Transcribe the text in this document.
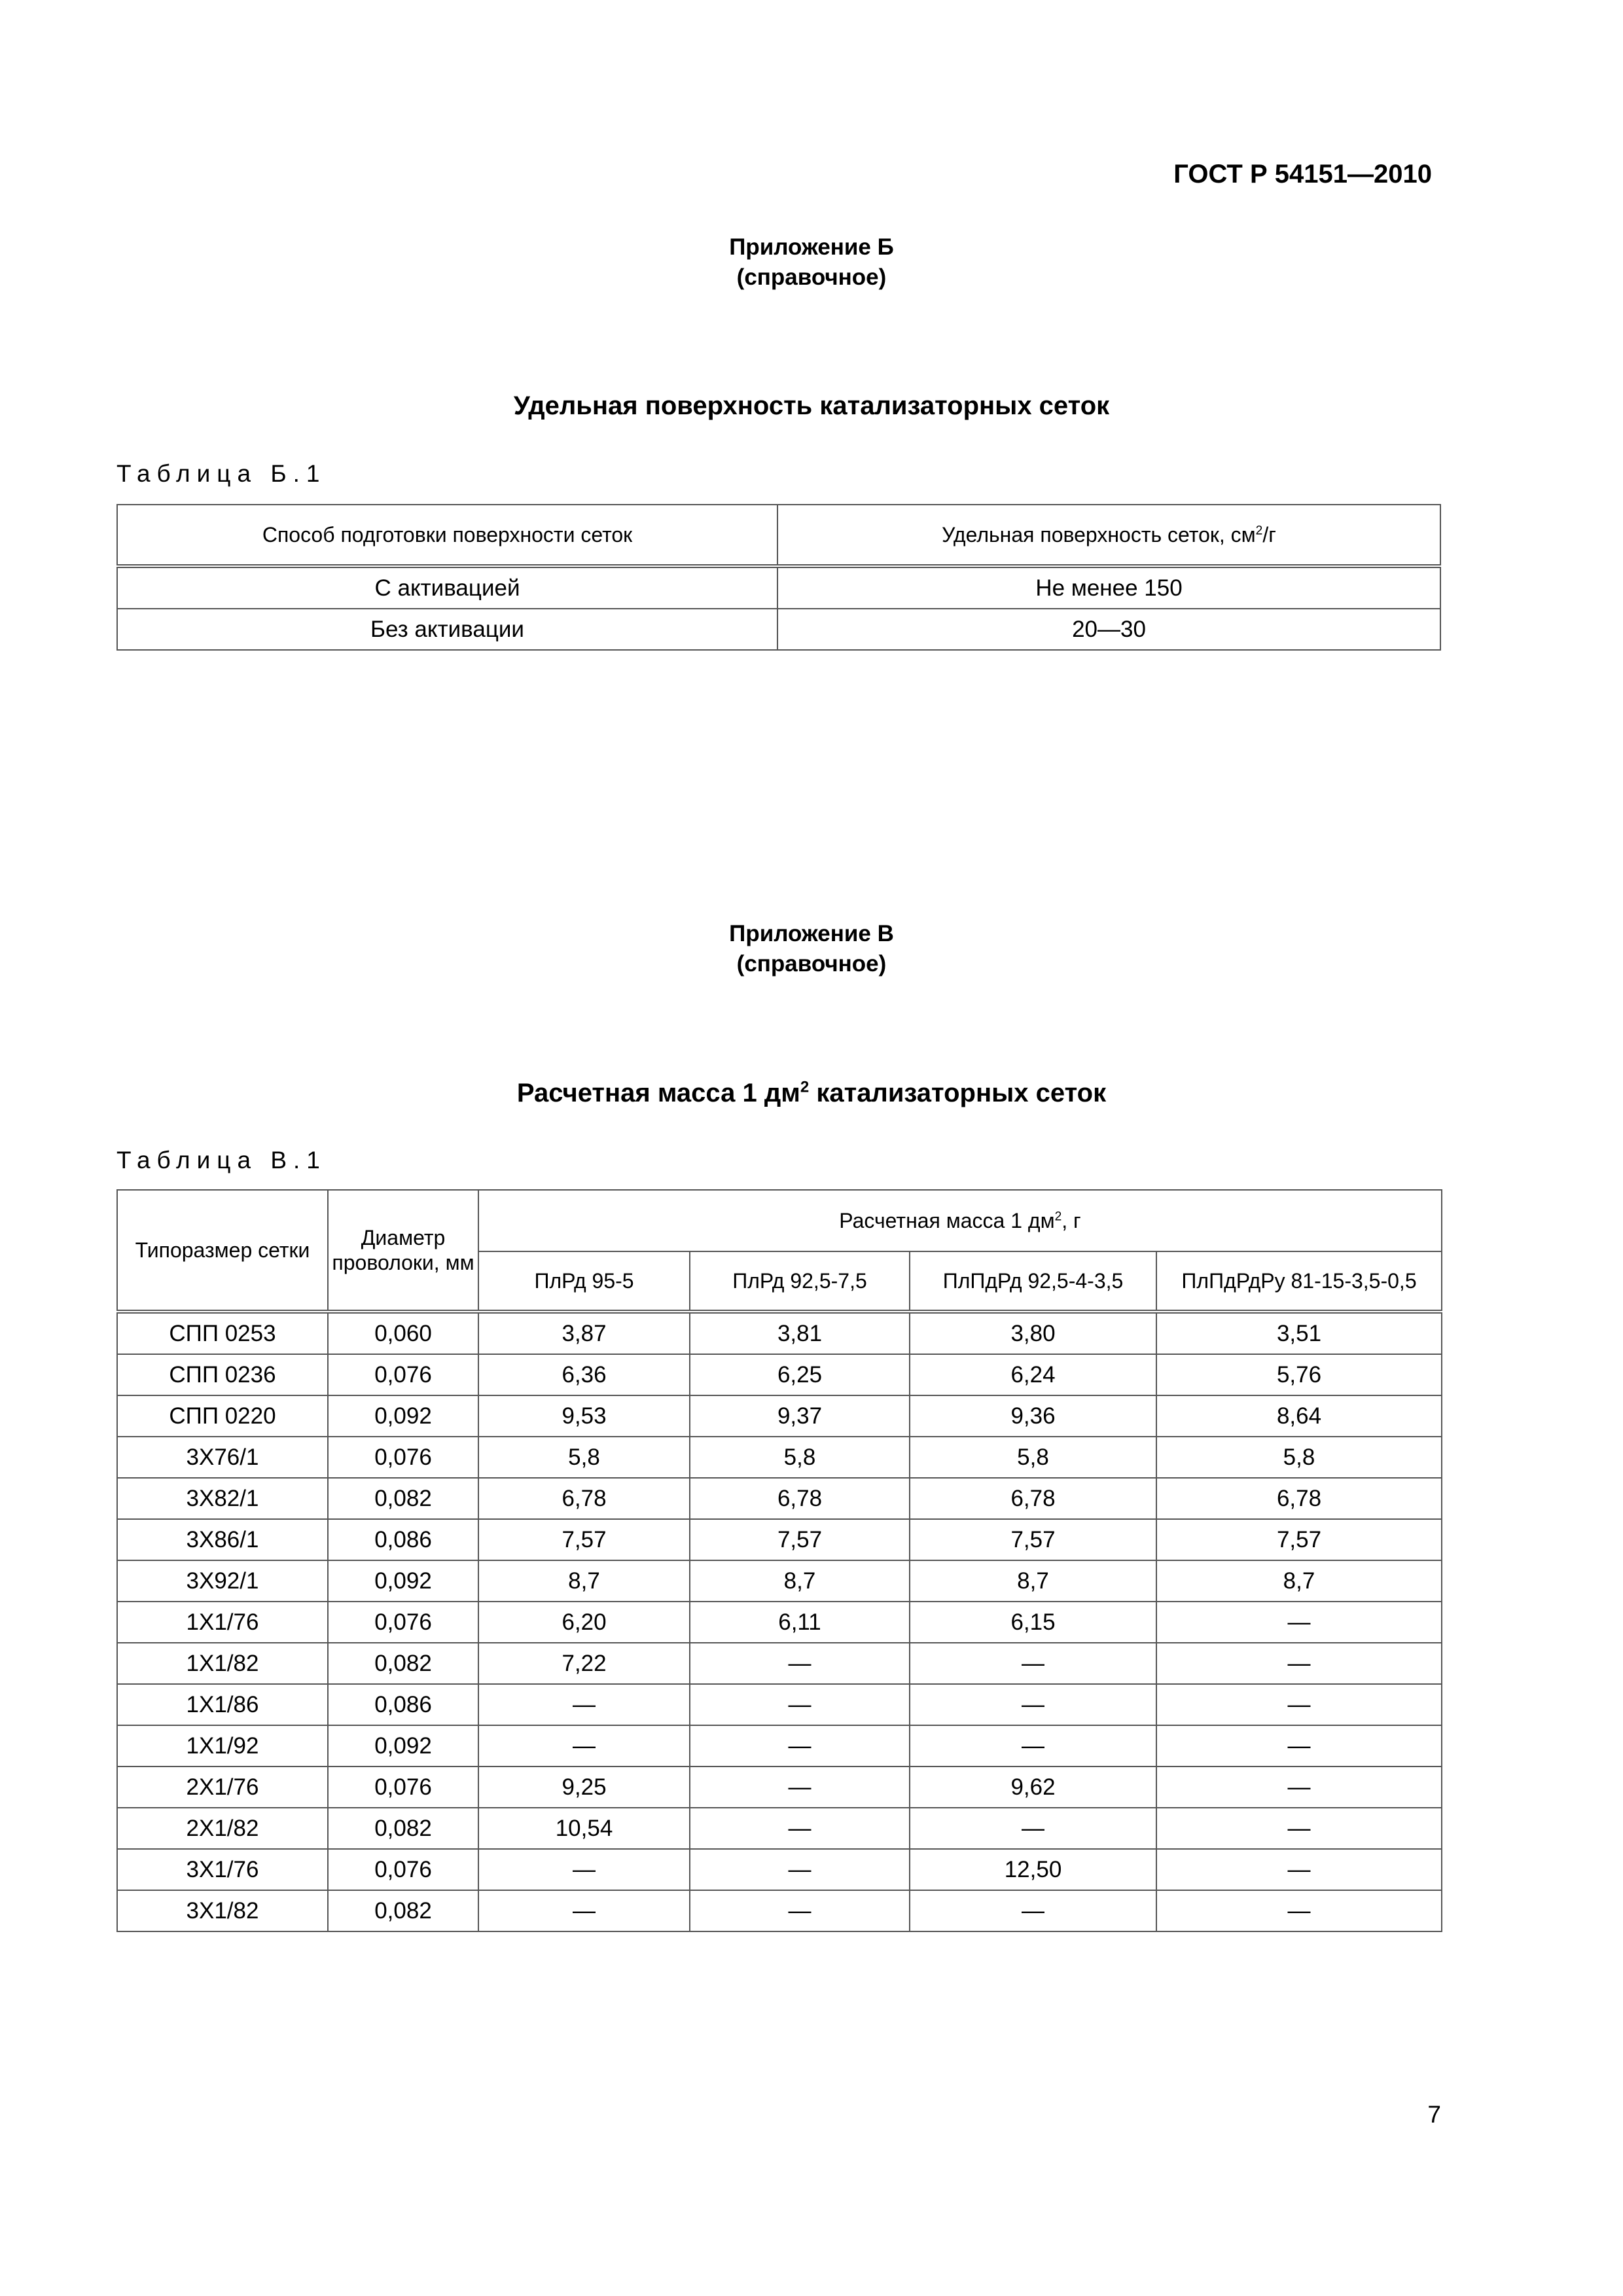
ГОСТ Р 54151—2010
Приложение Б
(справочное)
Удельная поверхность катализаторных сеток
Таблица Б.1
Способ подготовки поверхности сеток	Удельная поверхность сеток, $см^2/г$
С активацией	Не менее 150
Без активации	20—30
Приложение В
(справочное)
Расчетная масса 1 $дм^2$ катализаторных сеток
Таблица В.1
Типоразмер сетки	Диаметр проволоки, мм	Расчетная масса 1 $дм^2$, г			
		ПлРд 95-5	ПлРд 92,5-7,5	ПлПдРд 92,5-4-3,5	ПлПдРдРу 81-15-3,5-0,5
СПП 0253	0,060	3,87	3,81	3,80	3,51
СПП 0236	0,076	6,36	6,25	6,24	5,76
СПП 0220	0,092	9,53	9,37	9,36	8,64
3Х76/1	0,076	5,8	5,8	5,8	5,8
3Х82/1	0,082	6,78	6,78	6,78	6,78
3Х86/1	0,086	7,57	7,57	7,57	7,57
3Х92/1	0,092	8,7	8,7	8,7	8,7
1Х1/76	0,076	6,20	6,11	6,15	—
1Х1/82	0,082	7,22	—	—	—
1Х1/86	0,086	—	—	—	—
1Х1/92	0,092	—	—	—	—
2Х1/76	0,076	9,25	—	9,62	—
2Х1/82	0,082	10,54	—	—	—
3Х1/76	0,076	—	—	12,50	—
3Х1/82	0,082	—	—	—	—
7
